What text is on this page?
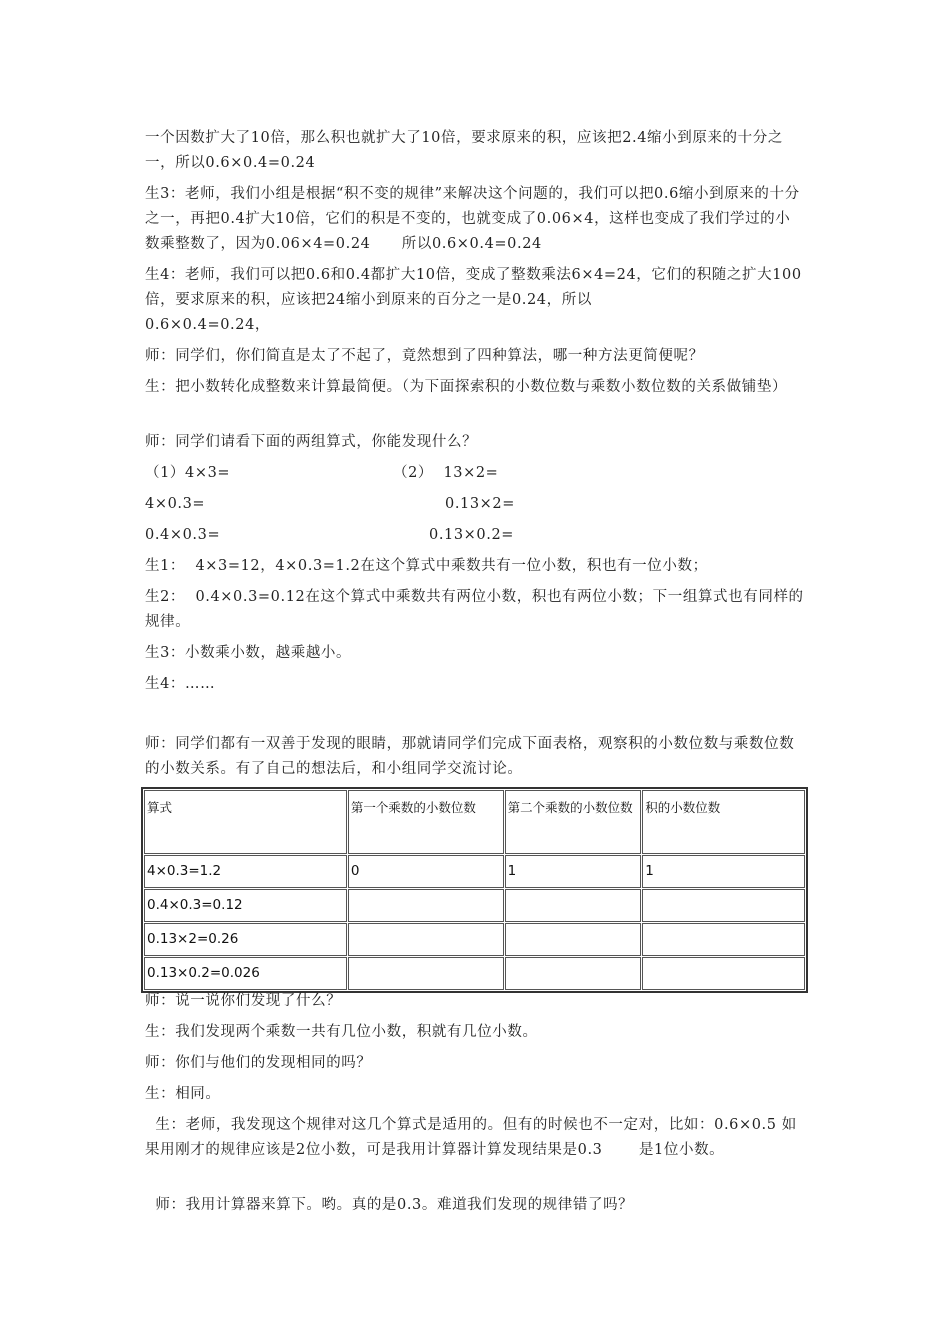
一个因数扩大了10倍，那么积也就扩大了10倍，要求原来的积，应该把2.4缩小到原来的十分之一，所以0.6×0.4=0.24

生3：老师，我们小组是根据“积不变的规律”来解决这个问题的，我们可以把0.6缩小到原来的十分之一，再把0.4扩大10倍，它们的积是不变的，也就变成了0.06×4，这样也变成了我们学过的小数乘整数了，因为0.06×4=0.24      所以0.6×0.4=0.24

生4：老师，我们可以把0.6和0.4都扩大10倍，变成了整数乘法6×4=24，它们的积随之扩大100倍，要求原来的积，应该把24缩小到原来的百分之一是0.24，所以

0.6×0.4=0.24，

师：同学们，你们简直是太了不起了，竟然想到了四种算法，哪一种方法更简便呢？

生：把小数转化成整数来计算最简便。（为下面探索积的小数位数与乘数小数位数的关系做铺垫）

师：同学们请看下面的两组算式，你能发现什么？

（1）4×3=	（2）  13×2=

4×0.3=	0.13×2=

0.4×0.3=	0.13×0.2=

生1：  4×3=12，4×0.3=1.2在这个算式中乘数共有一位小数，积也有一位小数；

生2：  0.4×0.3=0.12在这个算式中乘数共有两位小数，积也有两位小数；下一组算式也有同样的规律。

生3：小数乘小数，越乘越小。

生4：……

师：同学们都有一双善于发现的眼睛，那就请同学们完成下面表格，观察积的小数位数与乘数位数的小数关系。有了自己的想法后，和小组同学交流讨论。

算式	第一个乘数的小数位数	第二个乘数的小数位数	积的小数位数
4×0.3=1.2	0	1	1
0.4×0.3=0.12			
0.13×2=0.26			
0.13×0.2=0.026			

师：说一说你们发现了什么？

生：我们发现两个乘数一共有几位小数，积就有几位小数。

师：你们与他们的发现相同的吗？

生：相同。

生：老师，我发现这个规律对这几个算式是适用的。但有的时候也不一定对，比如：0.6×0.5 如果用刚才的规律应该是2位小数，可是我用计算器计算发现结果是0.3       是1位小数。

师：我用计算器来算下。哟。真的是0.3。难道我们发现的规律错了吗？
